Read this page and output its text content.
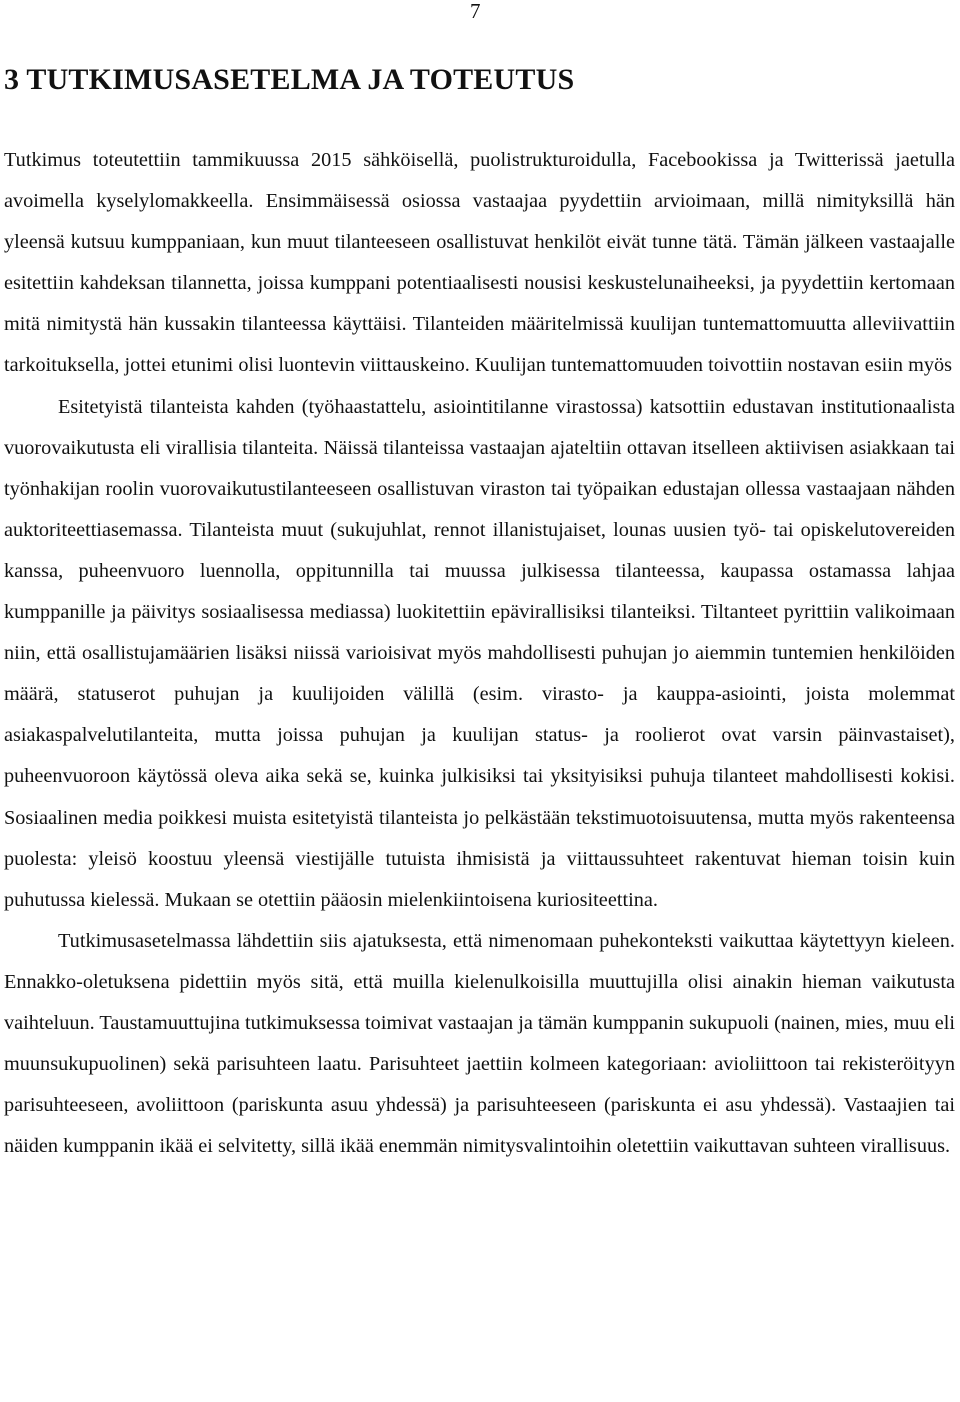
7
3 TUTKIMUSASETELMA JA TOTEUTUS

Tutkimus toteutettiin tammikuussa 2015 sähköisellä, puolistrukturoidulla, Facebookissa ja Twitterissä jaetulla avoimella kyselylomakkeella. Ensimmäisessä osiossa vastaajaa pyydettiin arvioimaan, millä nimityksillä hän yleensä kutsuu kumppaniaan, kun muut tilanteeseen osallistuvat henkilöt eivät tunne tätä. Tämän jälkeen vastaajalle esitettiin kahdeksan tilannetta, joissa kumppani potentiaalisesti nousisi keskustelunaiheeksi, ja pyydettiin kertomaan mitä nimitystä hän kussakin tilanteessa käyttäisi. Tilanteiden määritelmissä kuulijan tuntemattomuutta alleviivattiin tarkoituksella, jottei etunimi olisi luontevin viittauskeino. Kuulijan tuntemattomuuden toivottiin nostavan esiin myös

Esitetyistä tilanteista kahden (työhaastattelu, asiointitilanne virastossa) katsottiin edustavan institutionaalista vuorovaikutusta eli virallisia tilanteita. Näissä tilanteissa vastaajan ajateltiin ottavan itselleen aktiivisen asiakkaan tai työnhakijan roolin vuorovaikutustilanteeseen osallistuvan viraston tai työpaikan edustajan ollessa vastaajaan nähden auktoriteettiasemassa. Tilanteista muut (sukujuhlat, rennot illanistujaiset, lounas uusien työ- tai opiskelutovereiden kanssa, puheenvuoro luennolla, oppitunnilla tai muussa julkisessa tilanteessa, kaupassa ostamassa lahjaa kumppanille ja päivitys sosiaalisessa mediassa) luokitettiin epävirallisiksi tilanteiksi. Tiltanteet pyrittiin valikoimaan niin, että osallistujamäärien lisäksi niissä varioisivat myös mahdollisesti puhujan jo aiemmin tuntemien henkilöiden määrä, statuserot puhujan ja kuulijoiden välillä (esim. virasto- ja kauppa-asiointi, joista molemmat asiakaspalvelutilanteita, mutta joissa puhujan ja kuulijan status- ja roolierot ovat varsin päinvastaiset), puheenvuoroon käytössä oleva aika sekä se, kuinka julkisiksi tai yksityisiksi puhuja tilanteet mahdollisesti kokisi. Sosiaalinen media poikkesi muista esitetyistä tilanteista jo pelkästään tekstimuotoisuutensa, mutta myös rakenteensa puolesta: yleisö koostuu yleensä viestijälle tutuista ihmisistä ja viittaussuhteet rakentuvat hieman toisin kuin puhutussa kielessä. Mukaan se otettiin pääosin mielenkiintoisena kuriositeettina.

Tutkimusasetelmassa lähdettiin siis ajatuksesta, että nimenomaan puhekonteksti vaikuttaa käytettyyn kieleen. Ennakko-oletuksena pidettiin myös sitä, että muilla kielenulkoisilla muuttujilla olisi ainakin hieman vaikutusta vaihteluun. Taustamuuttujina tutkimuksessa toimivat vastaajan ja tämän kumppanin sukupuoli (nainen, mies, muu eli muunsukupuolinen) sekä parisuhteen laatu. Parisuhteet jaettiin kolmeen kategoriaan: avioliittoon tai rekisteröityyn parisuhteeseen, avoliittoon (pariskunta asuu yhdessä) ja parisuhteeseen (pariskunta ei asu yhdessä). Vastaajien tai näiden kumppanin ikää ei selvitetty, sillä ikää enemmän nimitysvalintoihin oletettiin vaikuttavan suhteen virallisuus.
